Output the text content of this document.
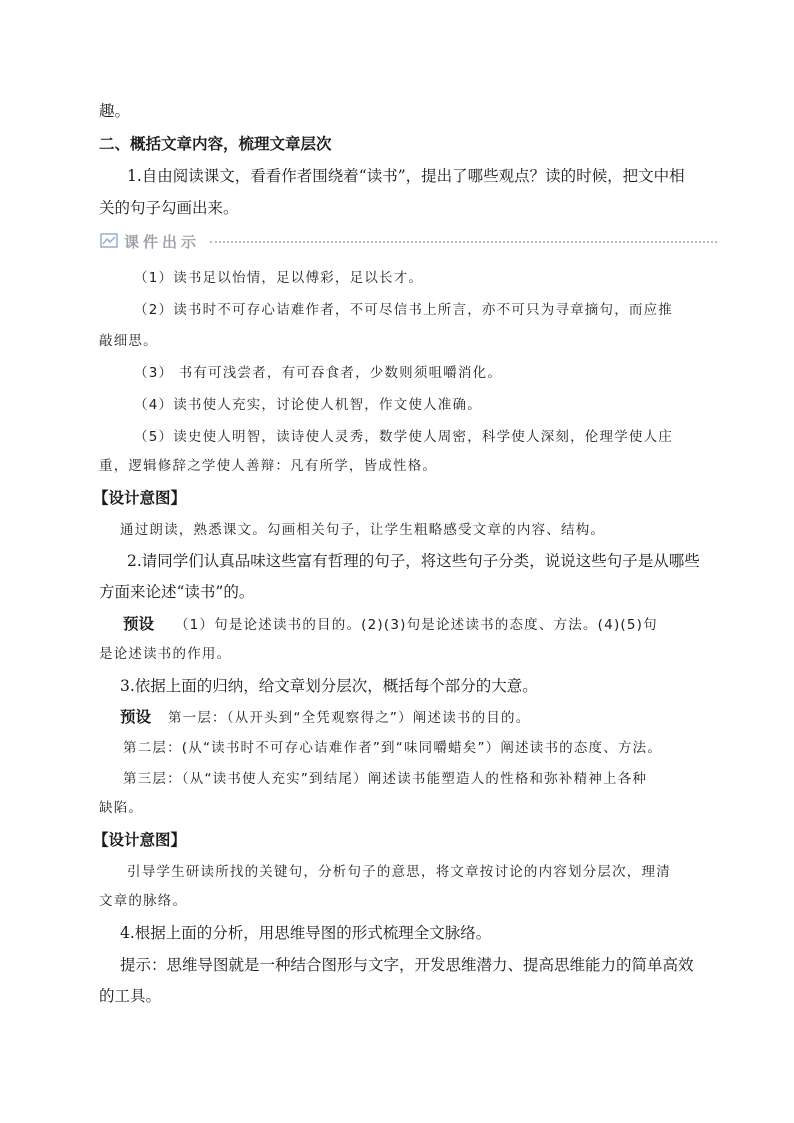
趣。
二、概括文章内容，梳理文章层次
1.自由阅读课文，看看作者围绕着“读书”，提出了哪些观点？读的时候，把文中相
关的句子勾画出来。
课件出示
（1）读书足以怡情，足以傅彩，足以长才。
（2）读书时不可存心诘难作者，不可尽信书上所言，亦不可只为寻章摘句，而应推
敲细思。
（3） 书有可浅尝者，有可吞食者，少数则须咀嚼消化。
（4）读书使人充实，讨论使人机智，作文使人准确。
（5）读史使人明智，读诗使人灵秀，数学使人周密，科学使人深刻，伦理学使人庄
重，逻辑修辞之学使人善辩：凡有所学，皆成性格。
【设计意图】
通过朗读，熟悉课文。勾画相关句子，让学生粗略感受文章的内容、结构。
2.请同学们认真品味这些富有哲理的句子，将这些句子分类，说说这些句子是从哪些
方面来论述“读书”的。
预设 （1）句是论述读书的目的。(2)(3)句是论述读书的态度、方法。(4)(5)句
是论述读书的作用。
3.依据上面的归纳，给文章划分层次，概括每个部分的大意。
预设 第一层：（从开头到“全凭观察得之”）阐述读书的目的。
第二层：(从“读书时不可存心诘难作者”到“味同嚼蜡矣”）阐述读书的态度、方法。
第三层：（从“读书使人充实”到结尾）阐述读书能塑造人的性格和弥补精神上各种
缺陷。
【设计意图】
引导学生研读所找的关键句，分析句子的意思，将文章按讨论的内容划分层次，理清
文章的脉络。
4.根据上面的分析，用思维导图的形式梳理全文脉络。
提示：思维导图就是一种结合图形与文字，开发思维潜力、提高思维能力的简单高效
的工具。
